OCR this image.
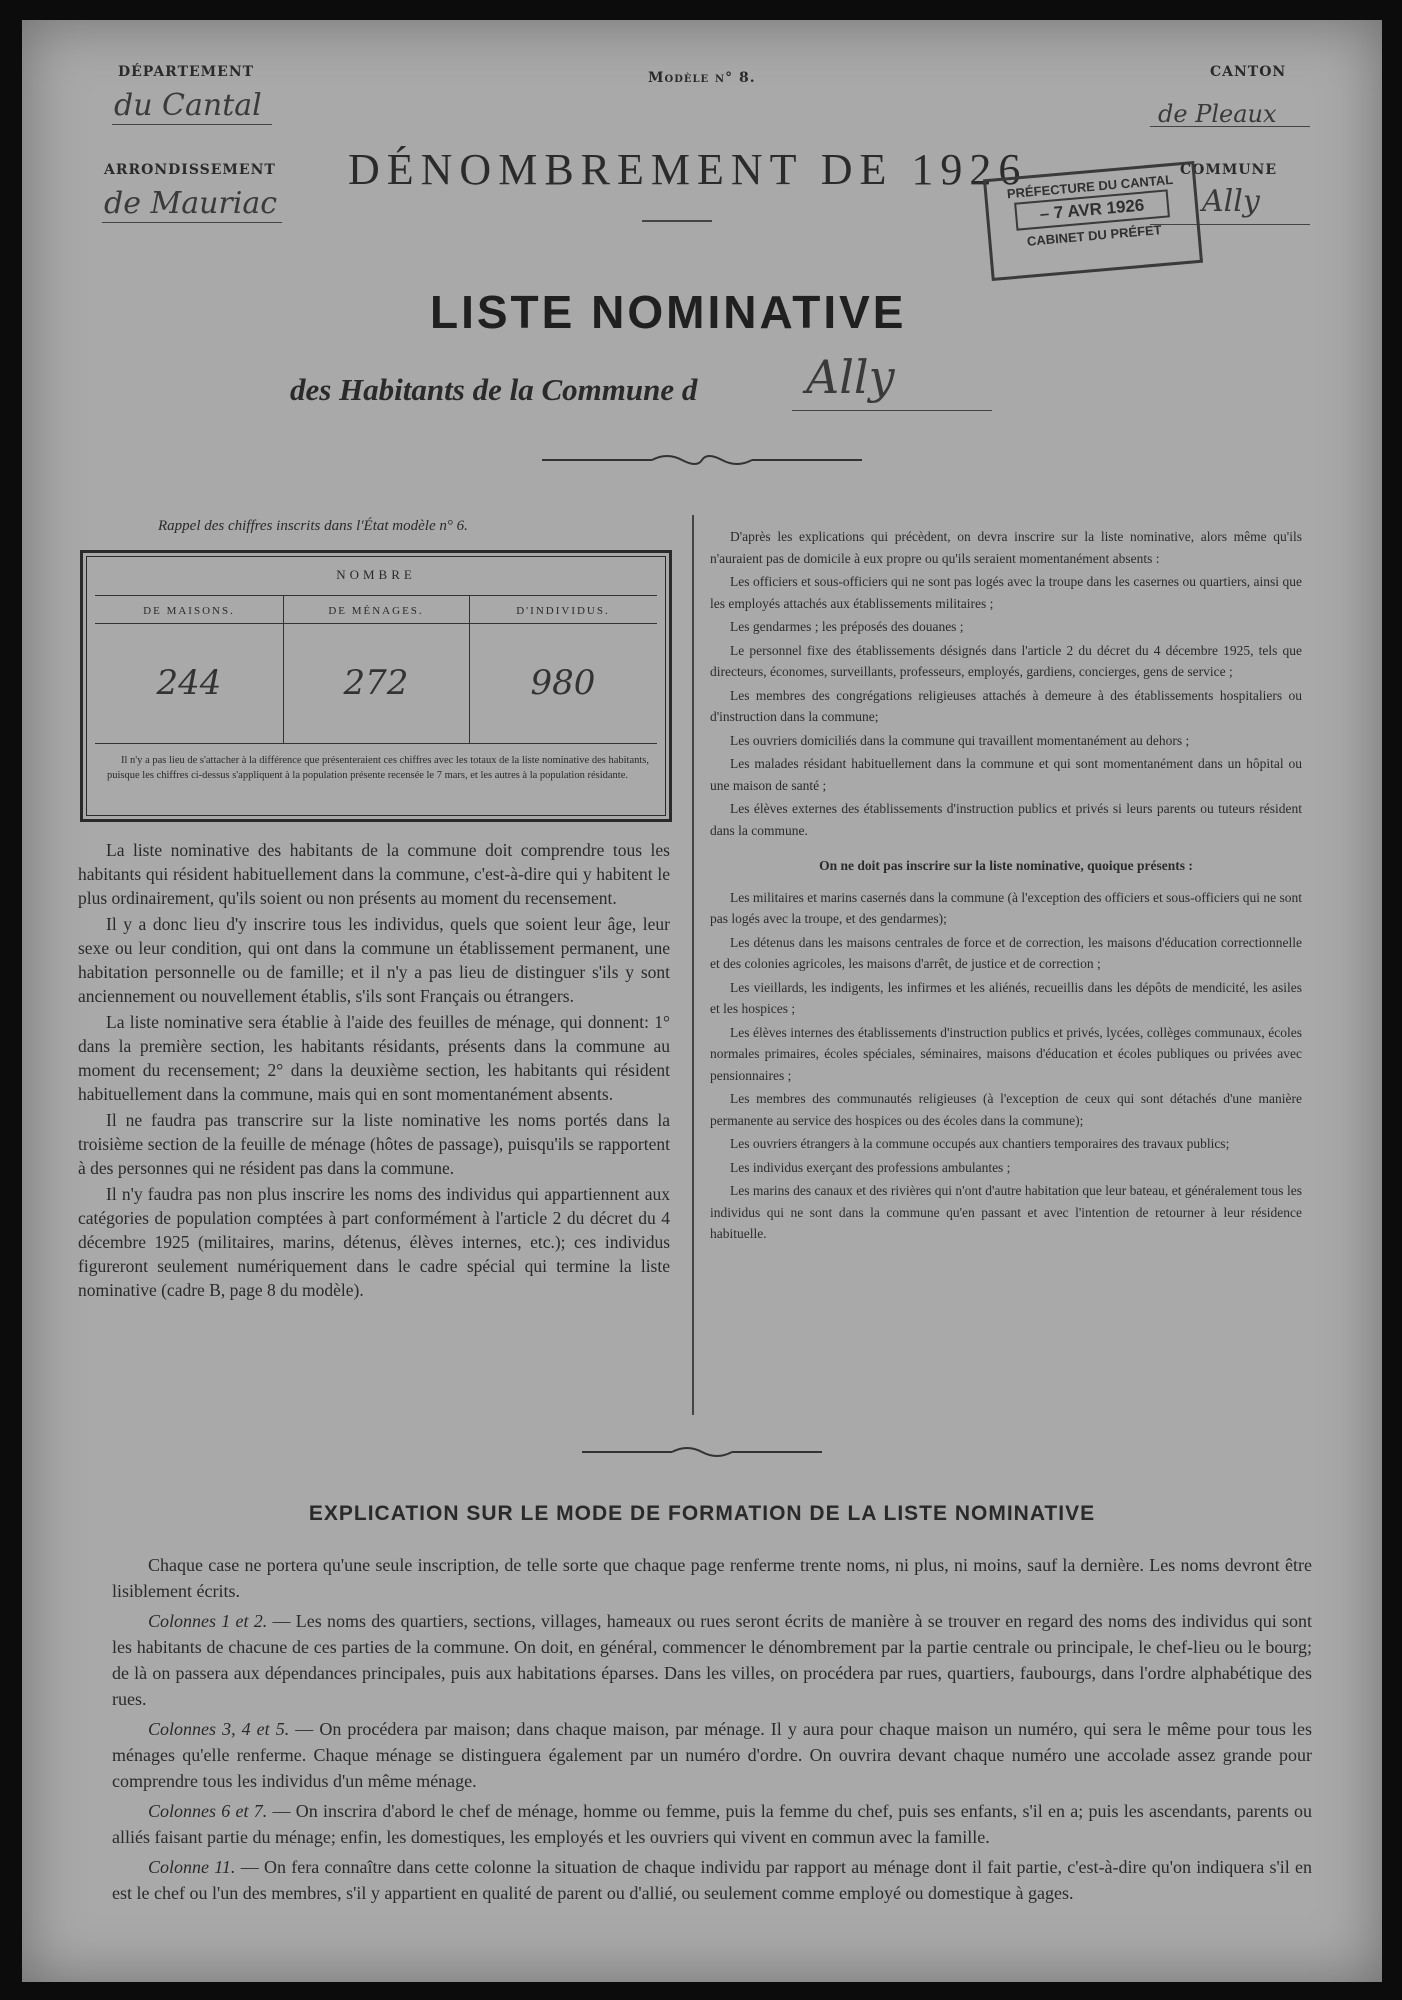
DÉPARTEMENT
du Cantal
ARRONDISSEMENT
de Mauriac
Modèle n° 8.	CANTON
de Pleaux
COMMUNE
Ally
DÉNOMBREMENT DE 1926
PRÉFECTURE DU CANTAL
– 7 AVR 1926
CABINET DU PRÉFET
LISTE NOMINATIVE
des Habitants de la Commune d Ally
Rappel des chiffres inscrits dans l'État modèle n° 6.
NOMBRE
DE MAISONS.	DE MÉNAGES.	D'INDIVIDUS.
244	272	980
Il n'y a pas lieu de s'attacher à la différence que présenteraient ces chiffres avec les totaux de la liste nominative des habitants, puisque les chiffres ci-dessus s'appliquent à la population présente recensée le 7 mars, et les autres à la population résidante.

La liste nominative des habitants de la commune doit comprendre tous les habitants qui résident habituellement dans la commune, c'est-à-dire qui y habitent le plus ordinairement, qu'ils soient ou non présents au moment du recensement.

Il y a donc lieu d'y inscrire tous les individus, quels que soient leur âge, leur sexe ou leur condition, qui ont dans la commune un établissement permanent, une habitation personnelle ou de famille; et il n'y a pas lieu de distinguer s'ils y sont anciennement ou nouvellement établis, s'ils sont Français ou étrangers.

La liste nominative sera établie à l'aide des feuilles de ménage, qui donnent: 1° dans la première section, les habitants résidants, présents dans la commune au moment du recensement; 2° dans la deuxième section, les habitants qui résident habituellement dans la commune, mais qui en sont momentanément absents.

Il ne faudra pas transcrire sur la liste nominative les noms portés dans la troisième section de la feuille de ménage (hôtes de passage), puisqu'ils se rapportent à des personnes qui ne résident pas dans la commune.

Il n'y faudra pas non plus inscrire les noms des individus qui appartiennent aux catégories de population comptées à part conformément à l'article 2 du décret du 4 décembre 1925 (militaires, marins, détenus, élèves internes, etc.); ces individus figureront seulement numériquement dans le cadre spécial qui termine la liste nominative (cadre B, page 8 du modèle).

D'après les explications qui précèdent, on devra inscrire sur la liste nominative, alors même qu'ils n'auraient pas de domicile à eux propre ou qu'ils seraient momentanément absents :

Les officiers et sous-officiers qui ne sont pas logés avec la troupe dans les casernes ou quartiers, ainsi que les employés attachés aux établissements militaires ;

Les gendarmes ; les préposés des douanes ;

Le personnel fixe des établissements désignés dans l'article 2 du décret du 4 décembre 1925, tels que directeurs, économes, surveillants, professeurs, employés, gardiens, concierges, gens de service ;

Les membres des congrégations religieuses attachés à demeure à des établissements hospitaliers ou d'instruction dans la commune;

Les ouvriers domiciliés dans la commune qui travaillent momentanément au dehors ;

Les malades résidant habituellement dans la commune et qui sont momentanément dans un hôpital ou une maison de santé ;

Les élèves externes des établissements d'instruction publics et privés si leurs parents ou tuteurs résident dans la commune.

On ne doit pas inscrire sur la liste nominative, quoique présents :

Les militaires et marins casernés dans la commune (à l'exception des officiers et sous-officiers qui ne sont pas logés avec la troupe, et des gendarmes);

Les détenus dans les maisons centrales de force et de correction, les maisons d'éducation correctionnelle et des colonies agricoles, les maisons d'arrêt, de justice et de correction ;

Les vieillards, les indigents, les infirmes et les aliénés, recueillis dans les dépôts de mendicité, les asiles et les hospices ;

Les élèves internes des établissements d'instruction publics et privés, lycées, collèges communaux, écoles normales primaires, écoles spéciales, séminaires, maisons d'éducation et écoles publiques ou privées avec pensionnaires ;

Les membres des communautés religieuses (à l'exception de ceux qui sont détachés d'une manière permanente au service des hospices ou des écoles dans la commune);

Les ouvriers étrangers à la commune occupés aux chantiers temporaires des travaux publics;

Les individus exerçant des professions ambulantes ;

Les marins des canaux et des rivières qui n'ont d'autre habitation que leur bateau, et généralement tous les individus qui ne sont dans la commune qu'en passant et avec l'intention de retourner à leur résidence habituelle.

EXPLICATION SUR LE MODE DE FORMATION DE LA LISTE NOMINATIVE

Chaque case ne portera qu'une seule inscription, de telle sorte que chaque page renferme trente noms, ni plus, ni moins, sauf la dernière. Les noms devront être lisiblement écrits.

Colonnes 1 et 2. — Les noms des quartiers, sections, villages, hameaux ou rues seront écrits de manière à se trouver en regard des noms des individus qui sont les habitants de chacune de ces parties de la commune. On doit, en général, commencer le dénombrement par la partie centrale ou principale, le chef-lieu ou le bourg; de là on passera aux dépendances principales, puis aux habitations éparses. Dans les villes, on procédera par rues, quartiers, faubourgs, dans l'ordre alphabétique des rues.

Colonnes 3, 4 et 5. — On procédera par maison; dans chaque maison, par ménage. Il y aura pour chaque maison un numéro, qui sera le même pour tous les ménages qu'elle renferme. Chaque ménage se distinguera également par un numéro d'ordre. On ouvrira devant chaque numéro une accolade assez grande pour comprendre tous les individus d'un même ménage.

Colonnes 6 et 7. — On inscrira d'abord le chef de ménage, homme ou femme, puis la femme du chef, puis ses enfants, s'il en a; puis les ascendants, parents ou alliés faisant partie du ménage; enfin, les domestiques, les employés et les ouvriers qui vivent en commun avec la famille.

Colonne 11. — On fera connaître dans cette colonne la situation de chaque individu par rapport au ménage dont il fait partie, c'est-à-dire qu'on indiquera s'il en est le chef ou l'un des membres, s'il y appartient en qualité de parent ou d'allié, ou seulement comme employé ou domestique à gages.
